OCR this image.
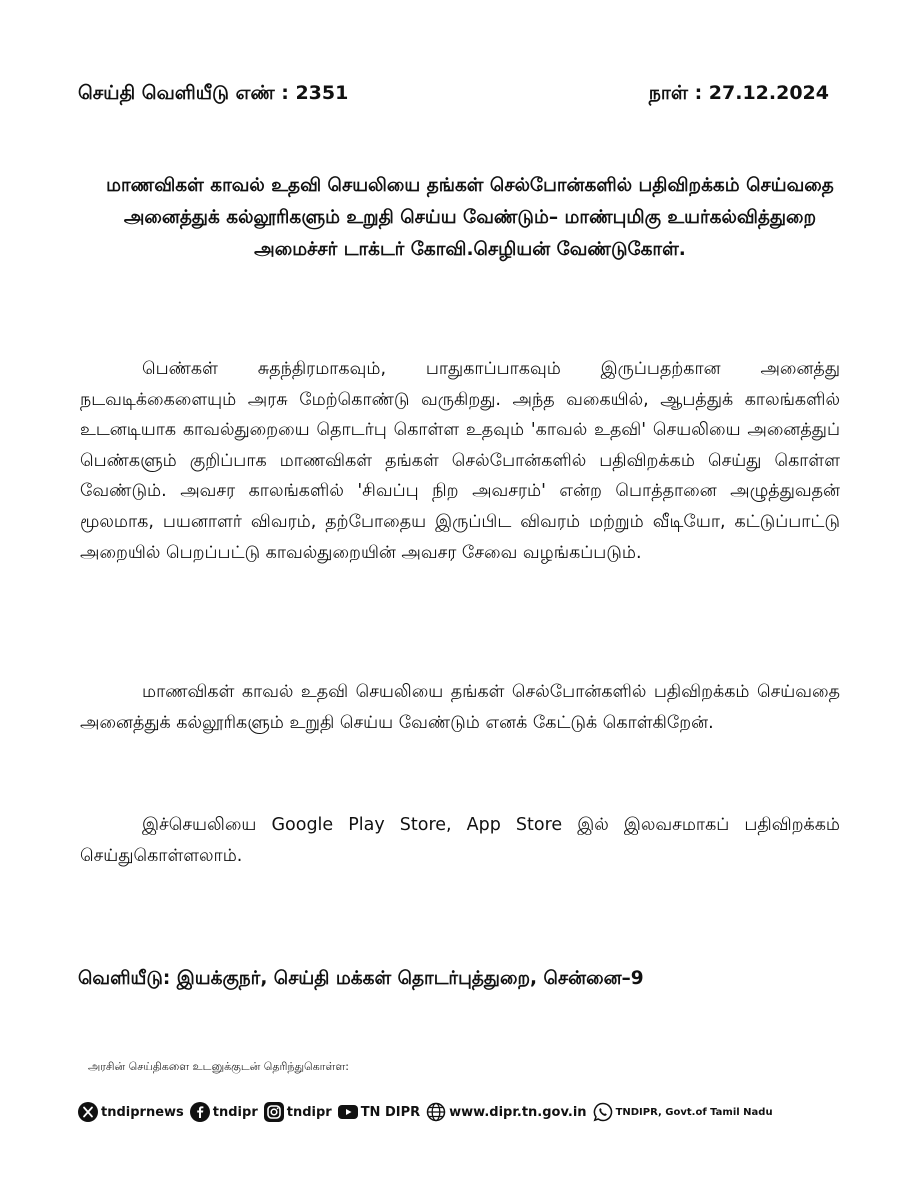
செய்தி வெளியீடு எண் : 2351	நாள் : 27.12.2024
மாணவிகள் காவல் உதவி செயலியை தங்கள் செல்போன்களில் பதிவிறக்கம் செய்வதை அனைத்துக் கல்லூரிகளும் உறுதி செய்ய வேண்டும்– மாண்புமிகு உயர்கல்வித்துறை அமைச்சர் டாக்டர் கோவி.செழியன் வேண்டுகோள்.
பெண்கள் சுதந்திரமாகவும், பாதுகாப்பாகவும் இருப்பதற்கான அனைத்து நடவடிக்கைளையும் அரசு மேற்கொண்டு வருகிறது. அந்த வகையில், ஆபத்துக் காலங்களில் உடனடியாக காவல்துறையை தொடர்பு கொள்ள உதவும் 'காவல் உதவி' செயலியை அனைத்துப் பெண்களும் குறிப்பாக மாணவிகள் தங்கள் செல்போன்களில் பதிவிறக்கம் செய்து கொள்ள வேண்டும். அவசர காலங்களில் 'சிவப்பு நிற அவசரம்' என்ற பொத்தானை அழுத்துவதன் மூலமாக, பயனாளர் விவரம், தற்போதைய இருப்பிட விவரம் மற்றும் வீடியோ, கட்டுப்பாட்டு அறையில் பெறப்பட்டு காவல்துறையின் அவசர சேவை வழங்கப்படும்.
மாணவிகள் காவல் உதவி செயலியை தங்கள் செல்போன்களில் பதிவிறக்கம் செய்வதை அனைத்துக் கல்லூரிகளும் உறுதி செய்ய வேண்டும் எனக் கேட்டுக் கொள்கிறேன்.
இச்செயலியை Google Play Store, App Store இல் இலவசமாகப் பதிவிறக்கம் செய்துகொள்ளலாம்.
வெளியீடு: இயக்குநர், செய்தி மக்கள் தொடர்புத்துறை, சென்னை–9
அரசின் செய்திகளை உடனுக்குடன் தெரிந்துகொள்ள:
tndiprnews tndipr tndipr TN DIPR www.dipr.tn.gov.in	TNDIPR, Govt.of Tamil Nadu
